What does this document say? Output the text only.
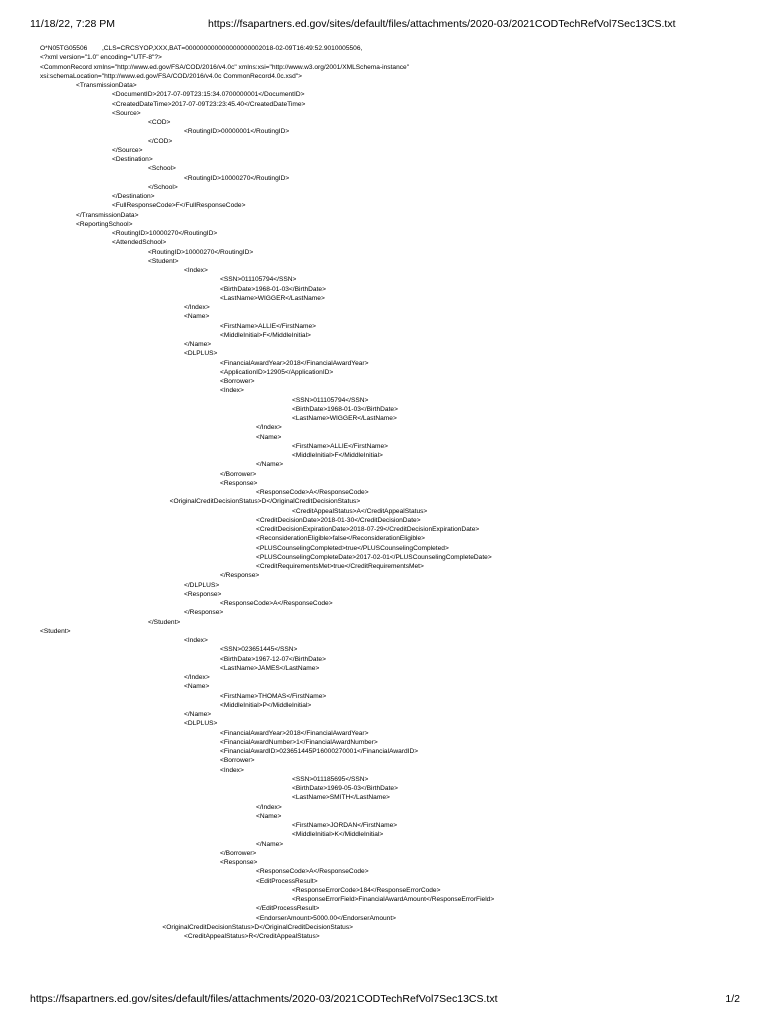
11/18/22, 7:28 PM	https://fsapartners.ed.gov/sites/default/files/attachments/2020-03/2021CODTechRefVol7Sec13CS.txt
O*N05TG05506        ,CLS=CRCSYOP,XXX,BAT=000000000000000000002018-02-09T16:49:52.9010005506,
<?xml version="1.0" encoding="UTF-8"?>
<CommonRecord xmlns="http://www.ed.gov/FSA/COD/2016/v4.0c" xmlns:xsi="http://www.w3.org/2001/XMLSchema-instance"
xsi:schemaLocation="http://www.ed.gov/FSA/COD/2016/v4.0c CommonRecord4.0c.xsd">
<TransmissionData>
<DocumentID>2017-07-09T23:15:34.0700000001</DocumentID>
<CreatedDateTime>2017-07-09T23:23:45.40</CreatedDateTime>
<Source>
<COD>
<RoutingID>00000001</RoutingID>
</COD>
</Source>
<Destination>
<School>
<RoutingID>10000270</RoutingID>
</School>
</Destination>
<FullResponseCode>F</FullResponseCode>
</TransmissionData>
<ReportingSchool>
<RoutingID>10000270</RoutingID>
<AttendedSchool>
<RoutingID>10000270</RoutingID>
<Student>
<Index>
<SSN>011105794</SSN>
<BirthDate>1968-01-03</BirthDate>
<LastName>WIGGER</LastName>
</Index>
<Name>
<FirstName>ALLIE</FirstName>
<MiddleInitial>F</MiddleInitial>
</Name>
<DLPLUS>
<FinancialAwardYear>2018</FinancialAwardYear>
<ApplicationID>12905</ApplicationID>
<Borrower>
<Index>
<SSN>011105794</SSN>
<BirthDate>1968-01-03</BirthDate>
<LastName>WIGGER</LastName>
</Index>
<Name>
<FirstName>ALLIE</FirstName>
<MiddleInitial>F</MiddleInitial>
</Name>
</Borrower>
<Response>
<ResponseCode>A</ResponseCode>
<OriginalCreditDecisionStatus>D</OriginalCreditDecisionStatus>
<CreditAppealStatus>A</CreditAppealStatus>
<CreditDecisionDate>2018-01-30</CreditDecisionDate>
<CreditDecisionExpirationDate>2018-07-29</CreditDecisionExpirationDate>
<ReconsiderationEligible>false</ReconsiderationEligible>
<PLUSCounselingCompleted>true</PLUSCounselingCompleted>
<PLUSCounselingCompleteDate>2017-02-01</PLUSCounselingCompleteDate>
<CreditRequirementsMet>true</CreditRequirementsMet>
</Response>
</DLPLUS>
<Response>
<ResponseCode>A</ResponseCode>
</Response>
</Student>
<Student>
<Index>
<SSN>023651445</SSN>
<BirthDate>1967-12-07</BirthDate>
<LastName>JAMES</LastName>
</Index>
<Name>
<FirstName>THOMAS</FirstName>
<MiddleInitial>P</MiddleInitial>
</Name>
<DLPLUS>
<FinancialAwardYear>2018</FinancialAwardYear>
<FinancialAwardNumber>1</FinancialAwardNumber>
<FinancialAwardID>023651445P16000270001</FinancialAwardID>
<Borrower>
<Index>
<SSN>011185695</SSN>
<BirthDate>1969-05-03</BirthDate>
<LastName>SMITH</LastName>
</Index>
<Name>
<FirstName>JORDAN</FirstName>
<MiddleInitial>K</MiddleInitial>
</Name>
</Borrower>
<Response>
<ResponseCode>A</ResponseCode>
<EditProcessResult>
<ResponseErrorCode>184</ResponseErrorCode>
<ResponseErrorField>FinancialAwardAmount</ResponseErrorField>
</EditProcessResult>
<EndorserAmount>5000.00</EndorserAmount>
<OriginalCreditDecisionStatus>D</OriginalCreditDecisionStatus>
<CreditAppealStatus>R</CreditAppealStatus>
https://fsapartners.ed.gov/sites/default/files/attachments/2020-03/2021CODTechRefVol7Sec13CS.txt	1/2
